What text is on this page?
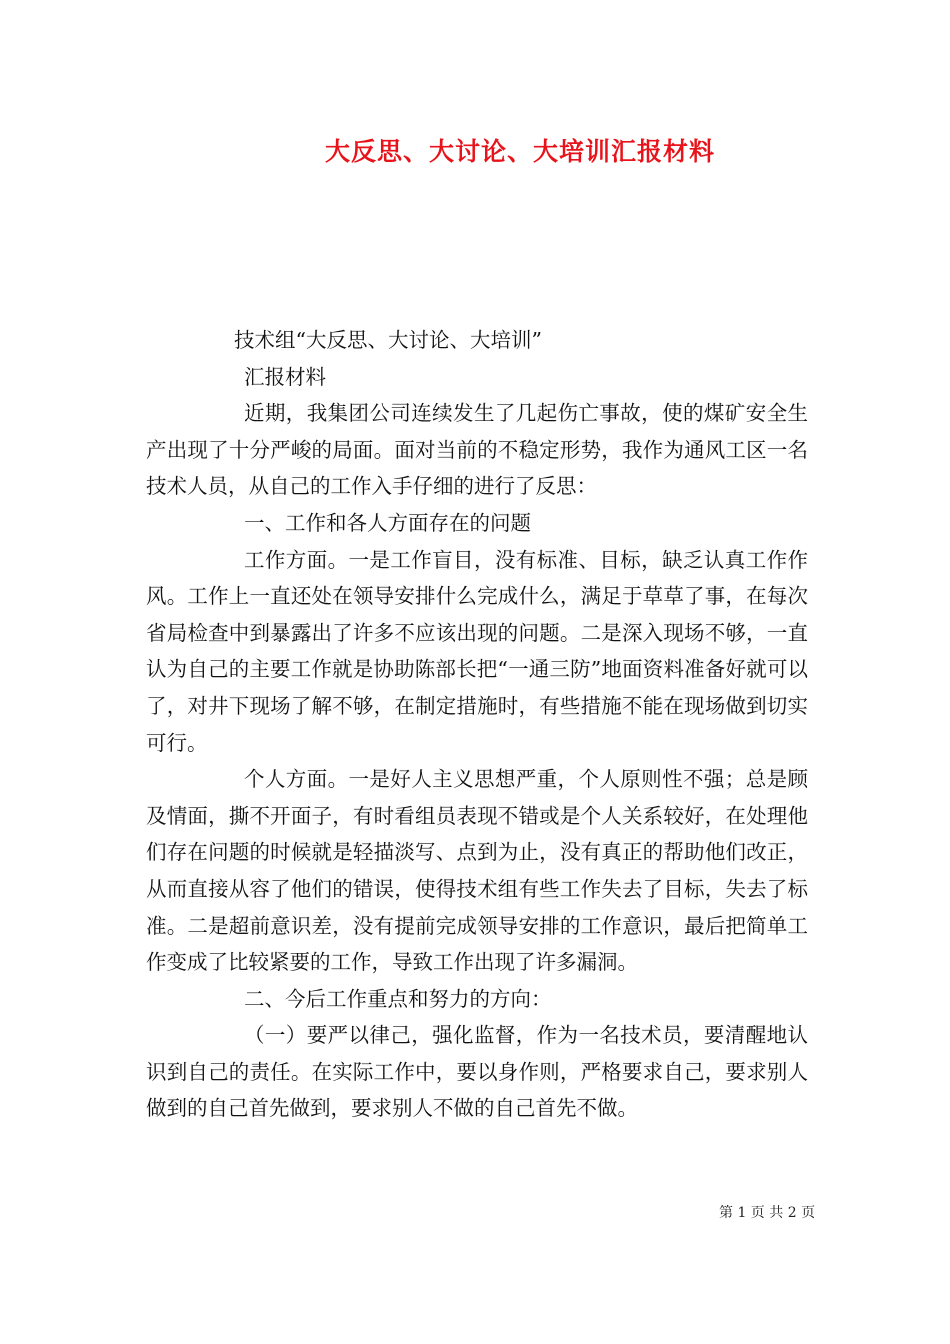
大反思、大讨论、大培训汇报材料

技术组“大反思、大讨论、大培训”

汇报材料

近期，我集团公司连续发生了几起伤亡事故，使的煤矿安全生产出现了十分严峻的局面。面对当前的不稳定形势，我作为通风工区一名技术人员，从自己的工作入手仔细的进行了反思：

一、工作和各人方面存在的问题

工作方面。一是工作盲目，没有标准、目标，缺乏认真工作作风。工作上一直还处在领导安排什么完成什么，满足于草草了事，在每次省局检查中到暴露出了许多不应该出现的问题。二是深入现场不够，一直认为自己的主要工作就是协助陈部长把“一通三防”地面资料准备好就可以了，对井下现场了解不够，在制定措施时，有些措施不能在现场做到切实可行。

个人方面。一是好人主义思想严重，个人原则性不强；总是顾及情面，撕不开面子，有时看组员表现不错或是个人关系较好，在处理他们存在问题的时候就是轻描淡写、点到为止，没有真正的帮助他们改正，从而直接从容了他们的错误，使得技术组有些工作失去了目标，失去了标准。二是超前意识差，没有提前完成领导安排的工作意识，最后把简单工作变成了比较紧要的工作，导致工作出现了许多漏洞。

二、今后工作重点和努力的方向：

（一）要严以律己，强化监督，作为一名技术员，要清醒地认识到自己的责任。在实际工作中，要以身作则，严格要求自己，要求别人做到的自己首先做到，要求别人不做的自己首先不做。

第 1 页 共 2 页
